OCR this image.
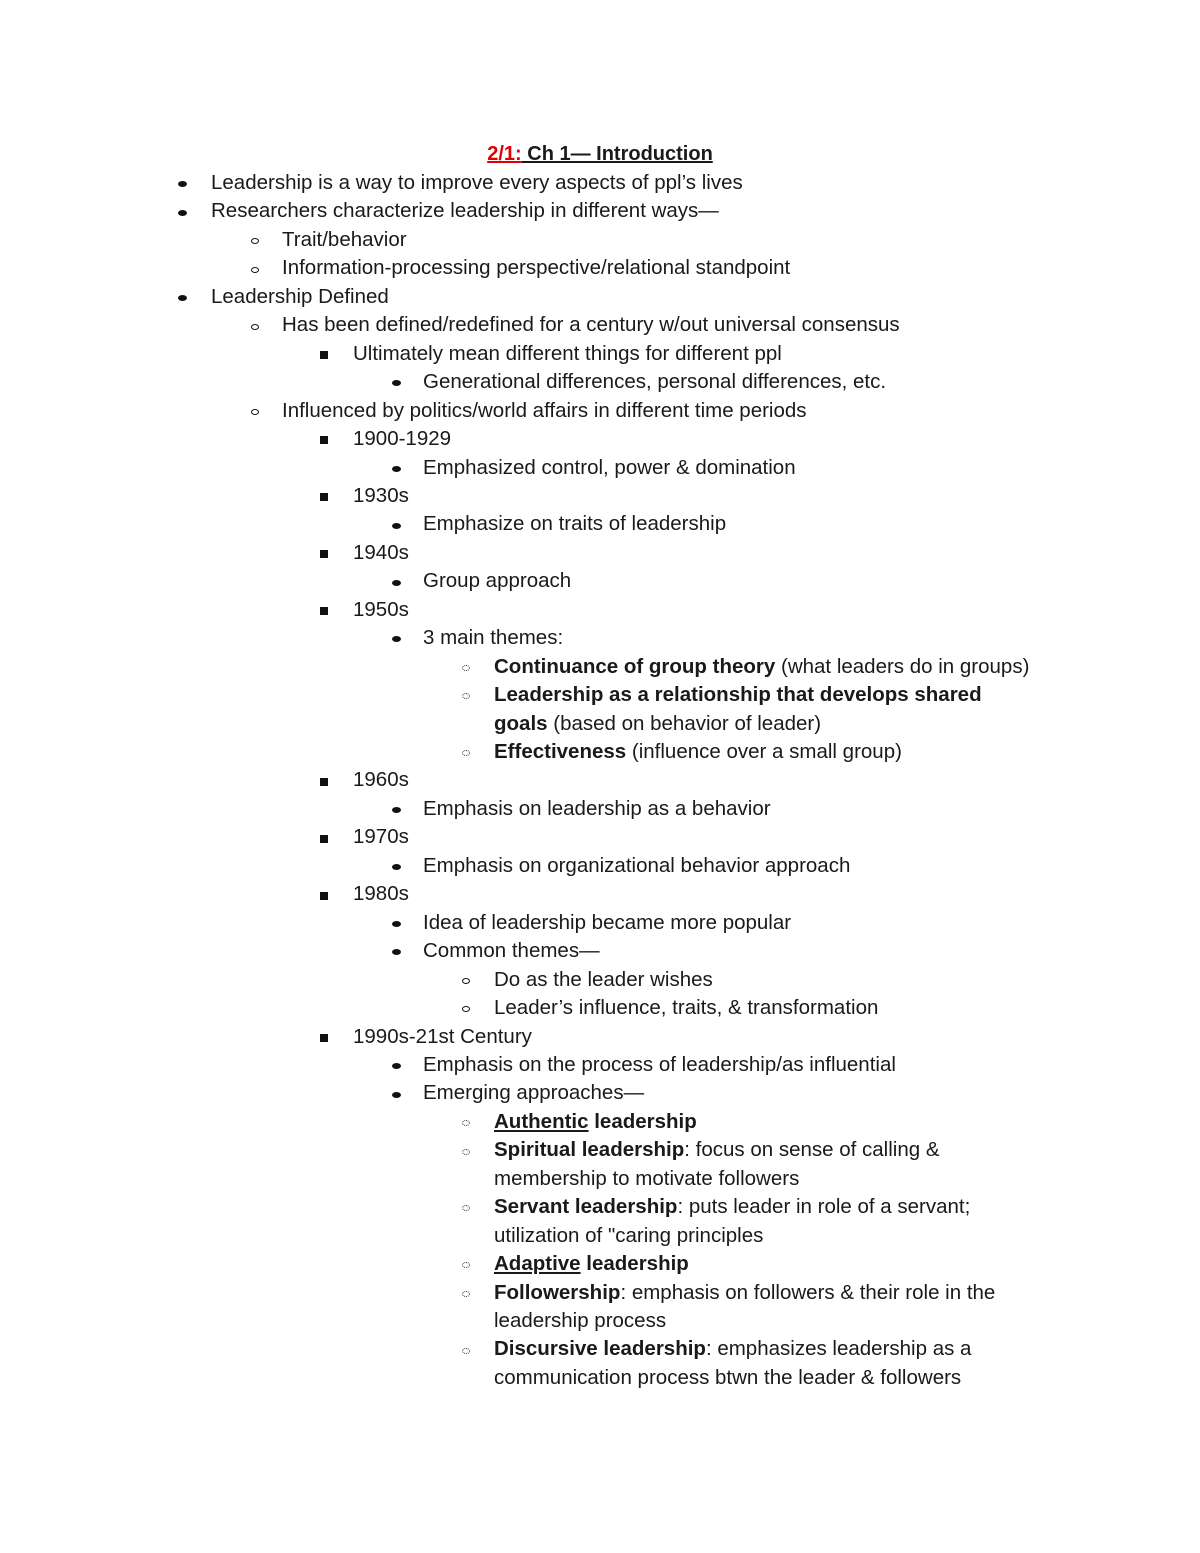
2/1: Ch 1— Introduction
Leadership is a way to improve every aspects of ppl’s lives
Researchers characterize leadership in different ways—
Trait/behavior
Information-processing perspective/relational standpoint
Leadership Defined
Has been defined/redefined for a century w/out universal consensus
Ultimately mean different things for different ppl
Generational differences, personal differences, etc.
Influenced by politics/world affairs in different time periods
1900-1929
Emphasized control, power & domination
1930s
Emphasize on traits of leadership
1940s
Group approach
1950s
3 main themes:
Continuance of group theory (what leaders do in groups)
Leadership as a relationship that develops shared
goals (based on behavior of leader)
Effectiveness (influence over a small group)
1960s
Emphasis on leadership as a behavior
1970s
Emphasis on organizational behavior approach
1980s
Idea of leadership became more popular
Common themes—
Do as the leader wishes
Leader’s influence, traits, & transformation
1990s-21st Century
Emphasis on the process of leadership/as influential
Emerging approaches—
Authentic leadership
Spiritual leadership: focus on sense of calling &
membership to motivate followers
Servant leadership: puts leader in role of a servant;
utilization of "caring principles
Adaptive leadership
Followership: emphasis on followers & their role in the
leadership process
Discursive leadership: emphasizes leadership as a
communication process btwn the leader & followers
